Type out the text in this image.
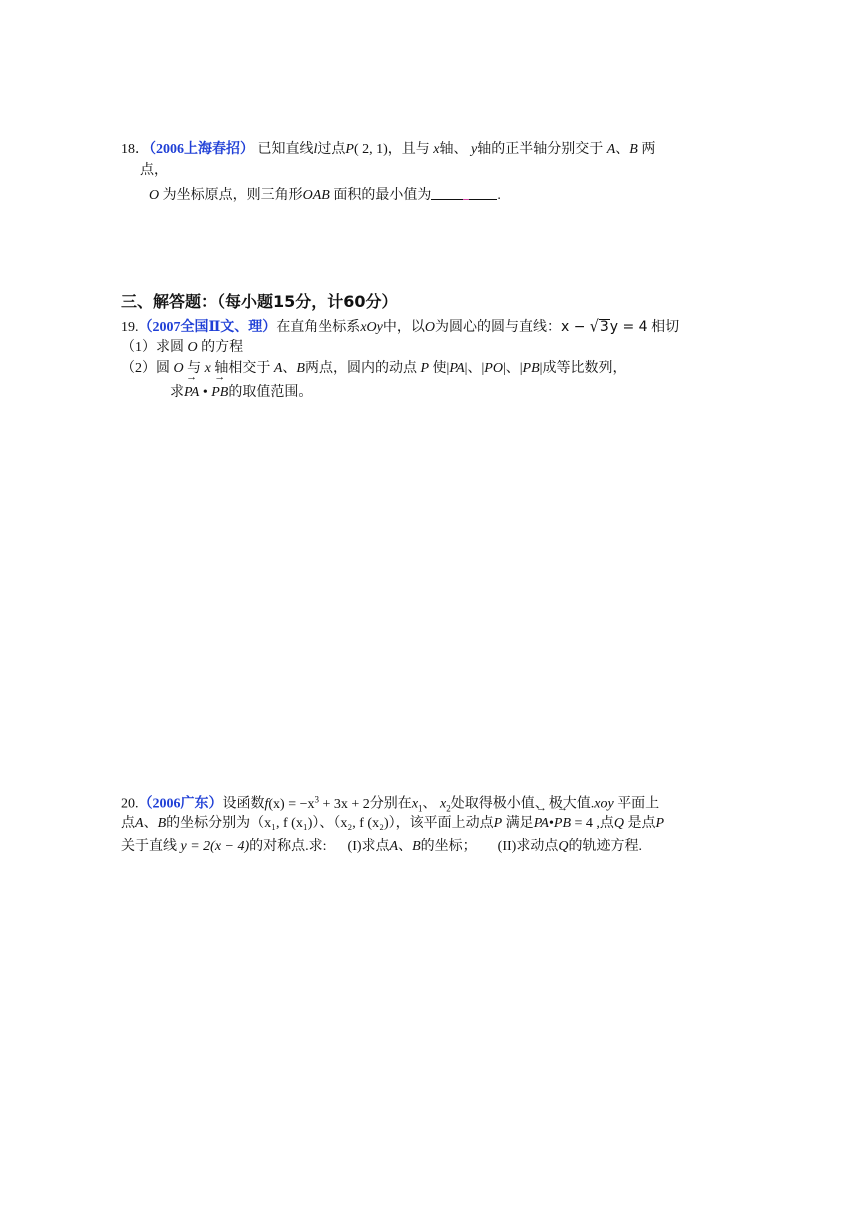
18．（2006上海春招） 已知直线l过点P( 2, 1)，且与 x轴、 y轴的正半轴分别交于 A、B 两
点，
O 为坐标原点，则三角形OAB 面积的最小值为	.
三、解答题：（每小题15分，计60分）
19.（2007全国Ⅱ文、理）在直角坐标系xOy中，以O为圆心的圆与直线：x − √3y = 4 相切
（1）求圆 O 的方程
（2）圆 O 与 x 轴相交于 A、B两点，圆内的动点 P 使|PA|、|PO|、|PB|成等比数列，
求→ PA • → PB的取值范围。
20.（2006广东）设函数$f(x) = -x^3 + 3x + 2$分别在$x_1$、 $x_2$处取得极小值、极大值.xoy 平面上
点A、B的坐标分别为（x₁, f (x₁)）、（x₂, f (x₂)），该平面上动点P 满足→ PA•→ PB = 4 ,点Q 是点P
关于直线 y = 2(x − 4)的对称点.求: (I)求点A、B的坐标； (II)求动点Q的轨迹方程.
